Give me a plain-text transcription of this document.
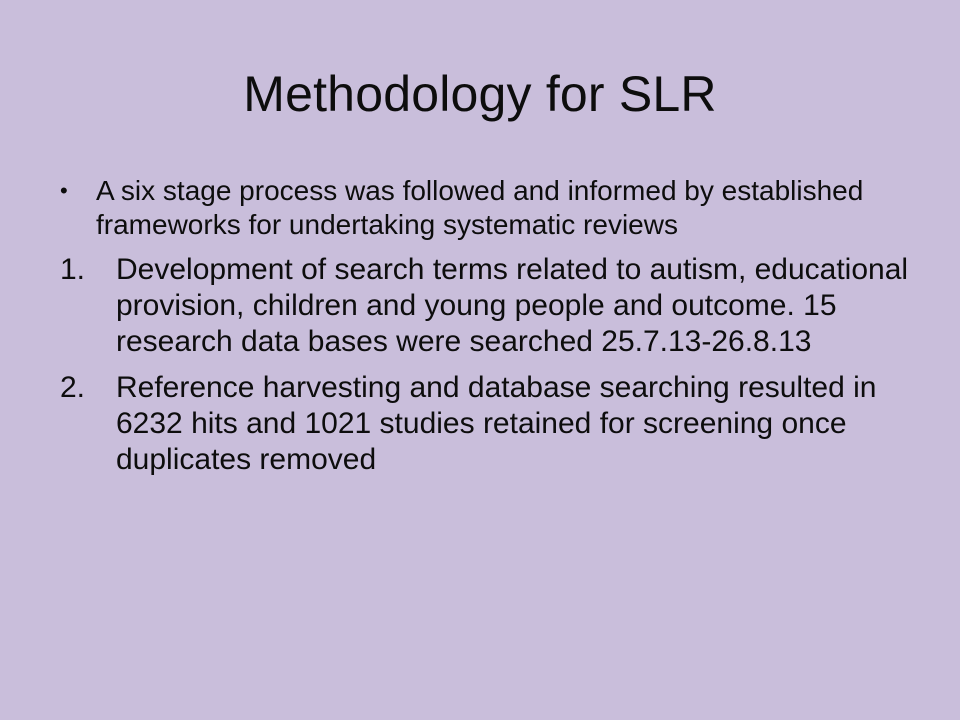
Methodology for SLR
• A six stage process was followed and informed by established frameworks for undertaking systematic reviews
1. Development of search terms related to autism, educational provision, children and young people and outcome. 15 research data bases were searched 25.7.13-26.8.13
2. Reference harvesting and database searching resulted in 6232 hits and 1021 studies retained for screening once duplicates removed
